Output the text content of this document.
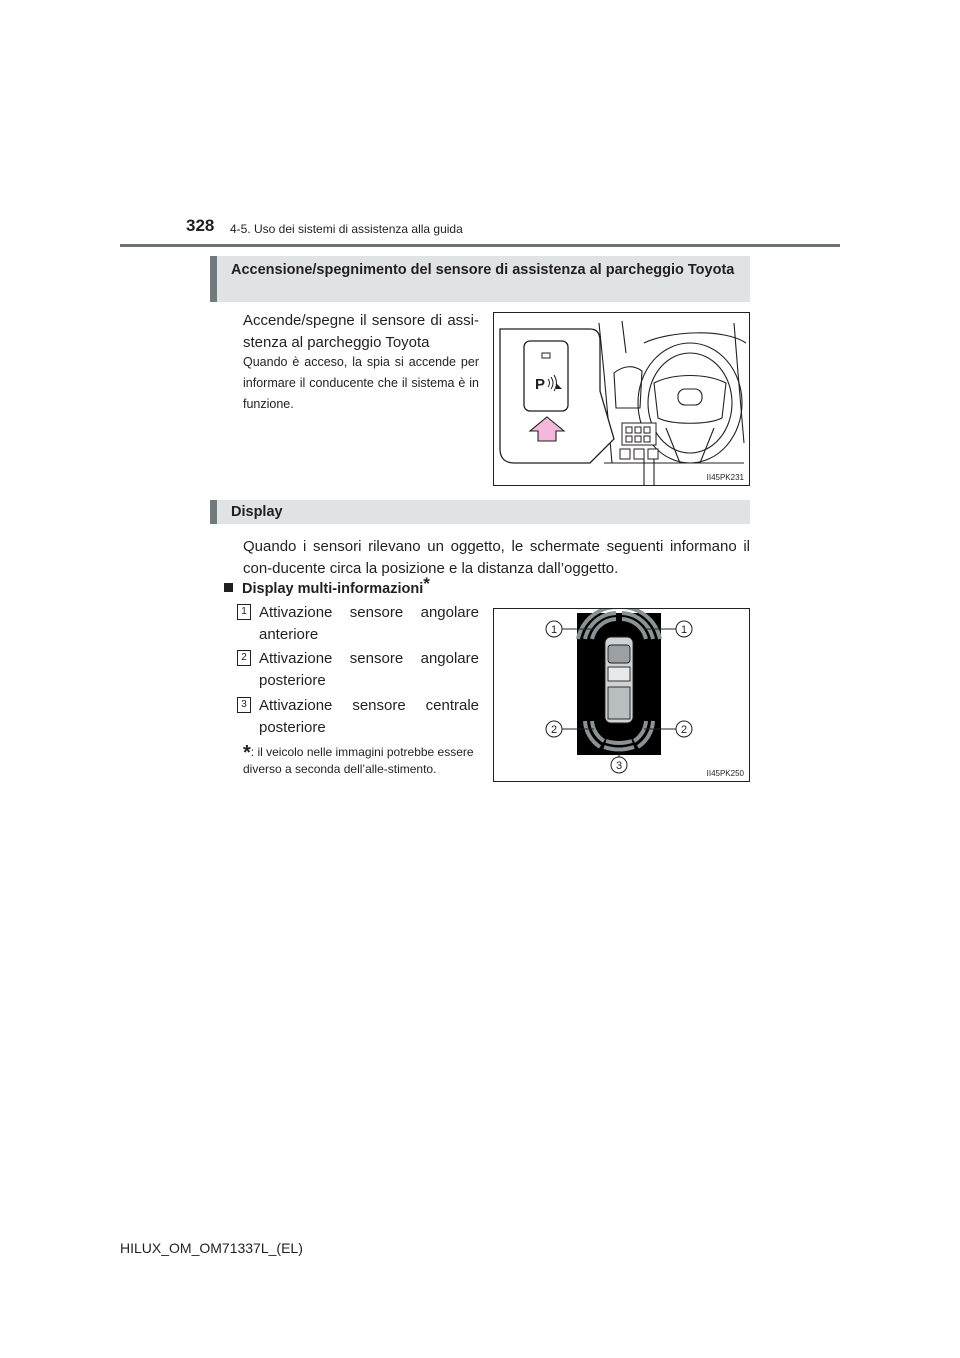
328 4-5. Uso dei sistemi di assistenza alla guida
Accensione/spegnimento del sensore di assistenza al parcheggio Toyota
Accende/spegne il sensore di assi-stenza al parcheggio Toyota
Quando è acceso, la spia si accende per informare il conducente che il sistema è in funzione.
P
II45PK231
Display
Quando i sensori rilevano un oggetto, le schermate seguenti informano il con-ducente circa la posizione e la distanza dall’oggetto.
Display multi-informazioni*
1 Attivazione sensore angolare anteriore
2 Attivazione sensore angolare posteriore
3 Attivazione sensore centrale posteriore
*: il veicolo nelle immagini potrebbe essere diverso a seconda dell’alle-stimento.
1	1
2	2
3
II45PK250
HILUX_OM_OM71337L_(EL)
